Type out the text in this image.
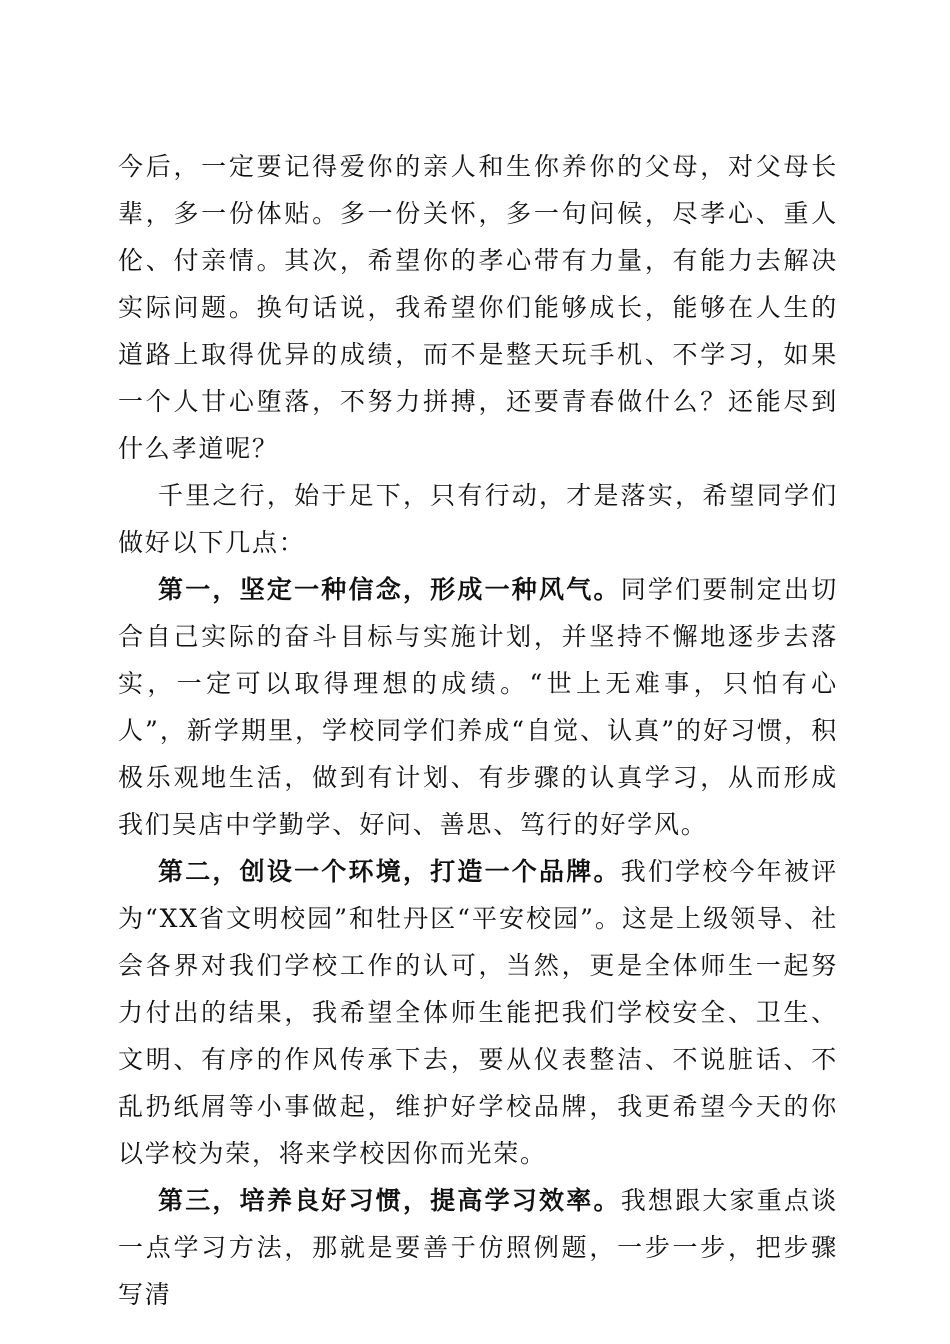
今后，一定要记得爱你的亲人和生你养你的父母，对父母长辈，多一份体贴。多一份关怀，多一句问候，尽孝心、重人伦、付亲情。其次，希望你的孝心带有力量，有能力去解决实际问题。换句话说，我希望你们能够成长，能够在人生的道路上取得优异的成绩，而不是整天玩手机、不学习，如果一个人甘心堕落，不努力拼搏，还要青春做什么？还能尽到什么孝道呢？

千里之行，始于足下，只有行动，才是落实，希望同学们做好以下几点：

第一，坚定一种信念，形成一种风气。同学们要制定出切合自己实际的奋斗目标与实施计划，并坚持不懈地逐步去落实，一定可以取得理想的成绩。“世上无难事，只怕有心人”，新学期里，学校同学们养成“自觉、认真”的好习惯，积极乐观地生活，做到有计划、有步骤的认真学习，从而形成我们吴店中学勤学、好问、善思、笃行的好学风。

第二，创设一个环境，打造一个品牌。我们学校今年被评为“XX省文明校园”和牡丹区“平安校园”。这是上级领导、社会各界对我们学校工作的认可，当然，更是全体师生一起努力付出的结果，我希望全体师生能把我们学校安全、卫生、文明、有序的作风传承下去，要从仪表整洁、不说脏话、不乱扔纸屑等小事做起，维护好学校品牌，我更希望今天的你以学校为荣，将来学校因你而光荣。

第三，培养良好习惯，提高学习效率。我想跟大家重点谈一点学习方法，那就是要善于仿照例题，一步一步，把步骤写清
